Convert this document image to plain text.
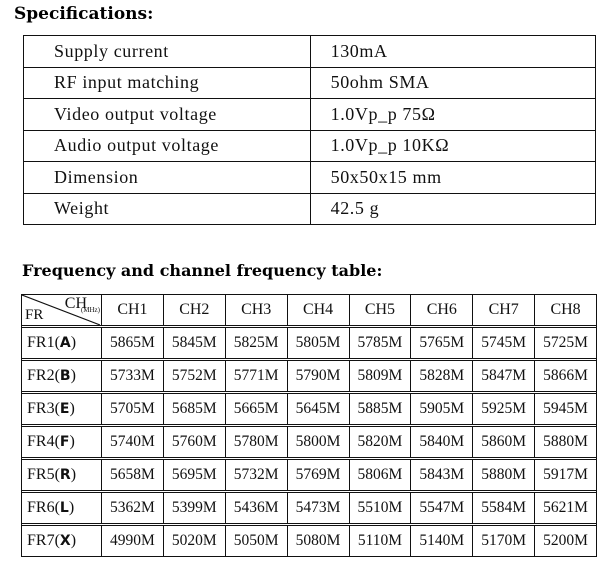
Specifications:
Supply current	130mA
RF input matching	50ohm SMA
Video output voltage	1.0Vp_p 75Ω
Audio output voltage	1.0Vp_p 10KΩ
Dimension	50x50x15 mm
Weight	42.5 g
Frequency and channel frequency table:
CH
(MHz)
FR	CH1	CH2	CH3	CH4	CH5	CH6	CH7	CH8

FR1(A)	5865M	5845M	5825M	5805M	5785M	5765M	5745M	5725M

FR2(B)	5733M	5752M	5771M	5790M	5809M	5828M	5847M	5866M

FR3(E)	5705M	5685M	5665M	5645M	5885M	5905M	5925M	5945M

FR4(F)	5740M	5760M	5780M	5800M	5820M	5840M	5860M	5880M

FR5(R)	5658M	5695M	5732M	5769M	5806M	5843M	5880M	5917M

FR6(L)	5362M	5399M	5436M	5473M	5510M	5547M	5584M	5621M

FR7(X)	4990M	5020M	5050M	5080M	5110M	5140M	5170M	5200M
